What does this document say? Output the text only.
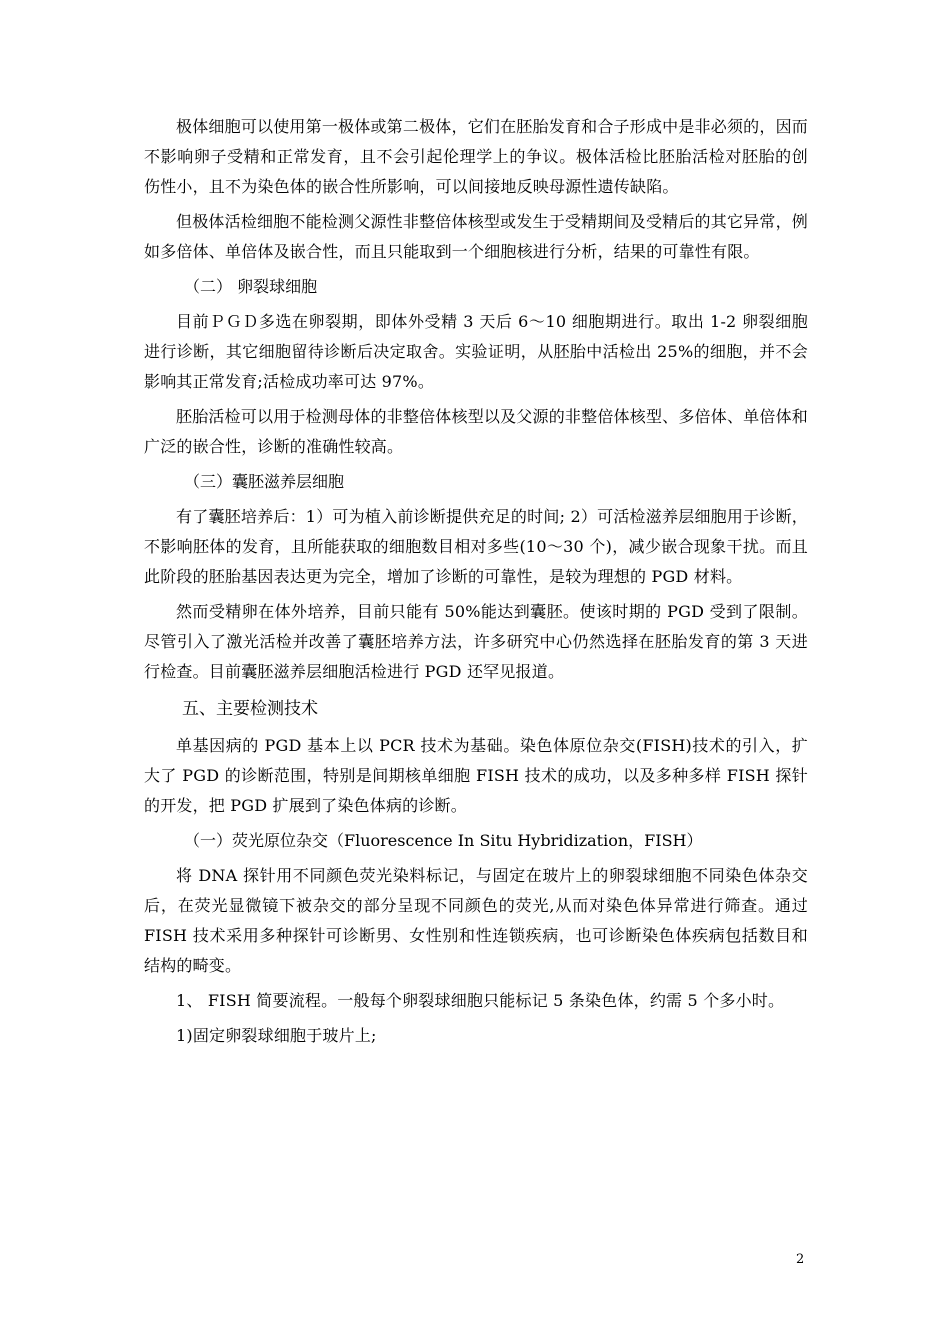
极体细胞可以使用第一极体或第二极体，它们在胚胎发育和合子形成中是非必须的，因而不影响卵子受精和正常发育，且不会引起伦理学上的争议。极体活检比胚胎活检对胚胎的创伤性小，且不为染色体的嵌合性所影响，可以间接地反映母源性遗传缺陷。

但极体活检细胞不能检测父源性非整倍体核型或发生于受精期间及受精后的其它异常，例如多倍体、单倍体及嵌合性，而且只能取到一个细胞核进行分析，结果的可靠性有限。

（二） 卵裂球细胞

目前ＰＧＤ多选在卵裂期，即体外受精 3 天后 6～10 细胞期进行。取出 1-2 卵裂细胞进行诊断，其它细胞留待诊断后决定取舍。实验证明，从胚胎中活检出 25%的细胞，并不会影响其正常发育;活检成功率可达 97%。

胚胎活检可以用于检测母体的非整倍体核型以及父源的非整倍体核型、多倍体、单倍体和广泛的嵌合性，诊断的准确性较高。

（三）囊胚滋养层细胞

有了囊胚培养后：1）可为植入前诊断提供充足的时间; 2）可活检滋养层细胞用于诊断，不影响胚体的发育，且所能获取的细胞数目相对多些(10～30 个)，减少嵌合现象干扰。而且此阶段的胚胎基因表达更为完全，增加了诊断的可靠性，是较为理想的 PGD 材料。

然而受精卵在体外培养，目前只能有 50%能达到囊胚。使该时期的 PGD 受到了限制。尽管引入了激光活检并改善了囊胚培养方法，许多研究中心仍然选择在胚胎发育的第 3 天进行检查。目前囊胚滋养层细胞活检进行 PGD 还罕见报道。

五、主要检测技术

单基因病的 PGD 基本上以 PCR 技术为基础。染色体原位杂交(FISH)技术的引入，扩大了 PGD 的诊断范围，特别是间期核单细胞 FISH 技术的成功，以及多种多样 FISH 探针的开发，把 PGD 扩展到了染色体病的诊断。

（一）荧光原位杂交（Fluorescence In Situ Hybridization，FISH）

将 DNA 探针用不同颜色荧光染料标记，与固定在玻片上的卵裂球细胞不同染色体杂交后，在荧光显微镜下被杂交的部分呈现不同颜色的荧光,从而对染色体异常进行筛查。通过 FISH 技术采用多种探针可诊断男、女性别和性连锁疾病，也可诊断染色体疾病包括数目和结构的畸变。

1、 FISH 简要流程。一般每个卵裂球细胞只能标记 5 条染色体，约需 5 个多小时。

1)固定卵裂球细胞于玻片上;

2
